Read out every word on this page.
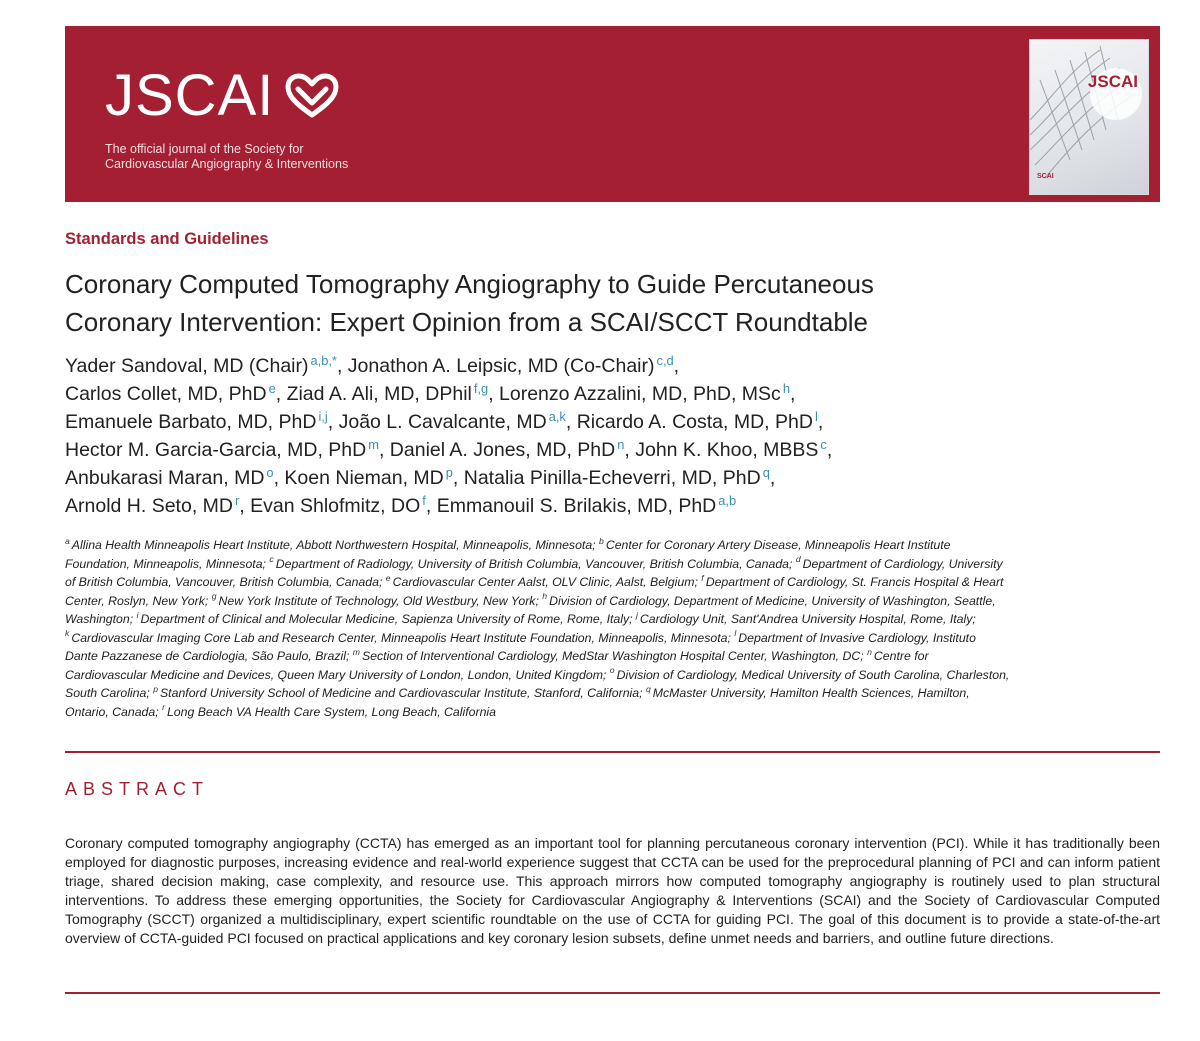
JSCAI
The official journal of the Society for
Cardiovascular Angiography & Interventions
JSCAI
SCAI
Standards and Guidelines
Coronary Computed Tomography Angiography to Guide Percutaneous
Coronary Intervention: Expert Opinion from a SCAI/SCCT Roundtable
Yader Sandoval, MD (Chair) $^{a,b,*}$, Jonathon A. Leipsic, MD (Co-Chair) $^{c,d}$,
Carlos Collet, MD, PhD $^e$, Ziad A. Ali, MD, DPhil $^{f,g}$, Lorenzo Azzalini, MD, PhD, MSc $^h$,
Emanuele Barbato, MD, PhD $^{i,j}$, João L. Cavalcante, MD $^{a,k}$, Ricardo A. Costa, MD, PhD $^l$,
Hector M. Garcia-Garcia, MD, PhD $^m$, Daniel A. Jones, MD, PhD $^n$, John K. Khoo, MBBS $^c$,
Anbukarasi Maran, MD $^o$, Koen Nieman, MD $^p$, Natalia Pinilla-Echeverri, MD, PhD $^q$,
Arnold H. Seto, MD $^r$, Evan Shlofmitz, DO $^f$, Emmanouil S. Brilakis, MD, PhD $^{a,b}$
$^a$ Allina Health Minneapolis Heart Institute, Abbott Northwestern Hospital, Minneapolis, Minnesota; $^b$ Center for Coronary Artery Disease, Minneapolis Heart Institute Foundation, Minneapolis, Minnesota; $^c$ Department of Radiology, University of British Columbia, Vancouver, British Columbia, Canada; $^d$ Department of Cardiology, University of British Columbia, Vancouver, British Columbia, Canada; $^e$ Cardiovascular Center Aalst, OLV Clinic, Aalst, Belgium; $^f$ Department of Cardiology, St. Francis Hospital & Heart Center, Roslyn, New York; $^g$ New York Institute of Technology, Old Westbury, New York; $^h$ Division of Cardiology, Department of Medicine, University of Washington, Seattle, Washington; $^i$ Department of Clinical and Molecular Medicine, Sapienza University of Rome, Rome, Italy; $^j$ Cardiology Unit, Sant'Andrea University Hospital, Rome, Italy; $^k$ Cardiovascular Imaging Core Lab and Research Center, Minneapolis Heart Institute Foundation, Minneapolis, Minnesota; $^l$ Department of Invasive Cardiology, Instituto Dante Pazzanese de Cardiologia, São Paulo, Brazil; $^m$ Section of Interventional Cardiology, MedStar Washington Hospital Center, Washington, DC; $^n$ Centre for Cardiovascular Medicine and Devices, Queen Mary University of London, London, United Kingdom; $^o$ Division of Cardiology, Medical University of South Carolina, Charleston, South Carolina; $^p$ Stanford University School of Medicine and Cardiovascular Institute, Stanford, California; $^q$ McMaster University, Hamilton Health Sciences, Hamilton, Ontario, Canada; $^r$ Long Beach VA Health Care System, Long Beach, California
ABSTRACT

Coronary computed tomography angiography (CCTA) has emerged as an important tool for planning percutaneous coronary intervention (PCI). While it has traditionally been employed for diagnostic purposes, increasing evidence and real-world experience suggest that CCTA can be used for the preprocedural planning of PCI and can inform patient triage, shared decision making, case complexity, and resource use. This approach mirrors how computed tomography angiography is routinely used to plan structural interventions. To address these emerging opportunities, the Society for Cardiovascular Angiography & Interventions (SCAI) and the Society of Cardiovascular Computed Tomography (SCCT) organized a multidisciplinary, expert scientific roundtable on the use of CCTA for guiding PCI. The goal of this document is to provide a state-of-the-art overview of CCTA-guided PCI focused on practical applications and key coronary lesion subsets, define unmet needs and barriers, and outline future directions.
